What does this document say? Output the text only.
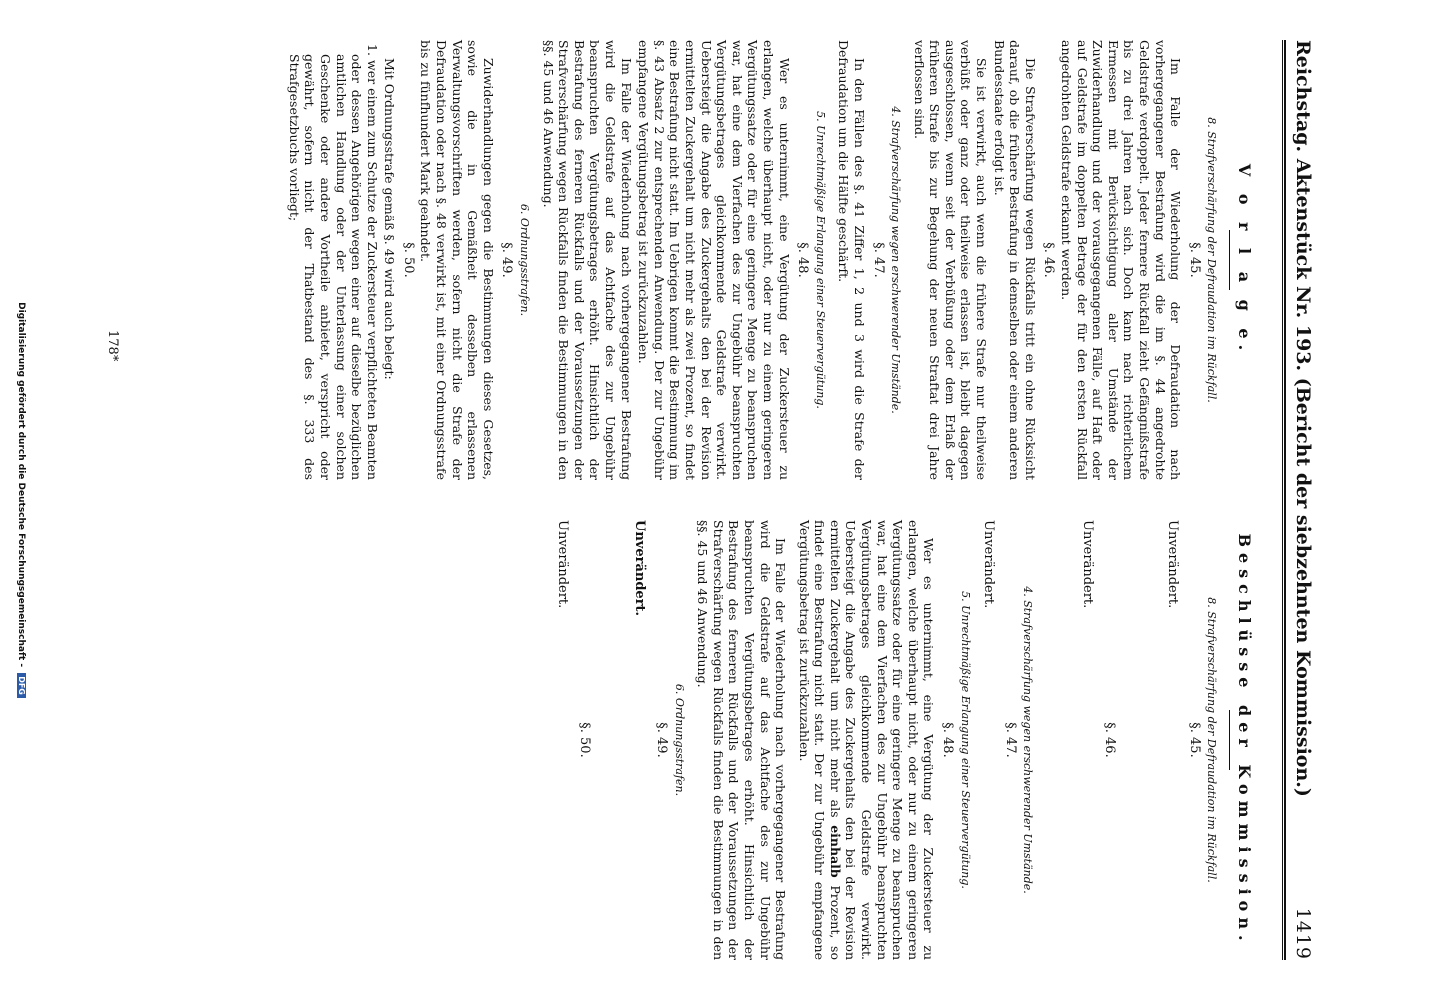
Reichstag. Aktenstück Nr. 193. (Bericht der siebzehnten Kommission.)
1419
V o r l a g e.
8. Strafverschärfung der Defraudation im Rückfall.
§. 45.

Im Falle der Wiederholung der Defraudation nach vorhergegangener Bestrafung wird die im §. 44 angedrohte Geldstrafe verdoppelt. Jeder fernere Rückfall zieht Gefängnißstrafe bis zu drei Jahren nach sich. Doch kann nach richterlichem Ermessen mit Berücksichtigung aller Umstände der Zuwiderhandlung und der vorausgegangenen Fälle, auf Haft oder auf Geldstrafe im doppelten Betrage der für den ersten Rückfall angedrohten Geldstrafe erkannt werden.

§. 46.

Die Strafverschärfung wegen Rückfalls tritt ein ohne Rücksicht darauf, ob die frühere Bestrafung in demselben oder einem anderen Bundesstaate erfolgt ist.

Sie ist verwirkt, auch wenn die frühere Strafe nur theilweise verbüßt oder ganz oder theilweise erlassen ist, bleibt dagegen ausgeschlossen, wenn seit der Verbüßung oder dem Erlaß der früheren Strafe bis zur Begehung der neuen Straftat drei Jahre verflossen sind.

4. Strafverschärfung wegen erschwerender Umstände.
§. 47.

In den Fällen des §. 41 Ziffer 1, 2 und 3 wird die Strafe der Defraudation um die Hälfte geschärft.

5. Unrechtmäßige Erlangung einer Steuervergütung.
§. 48.

Wer es unternimmt, eine Vergütung der Zuckersteuer zu erlangen, welche überhaupt nicht, oder nur zu einem geringeren Vergütungssatze oder für eine geringere Menge zu beanspruchen war, hat eine dem Vierfachen des zur Ungebühr beanspruchten Vergütungsbetrages gleichkommende Geldstrafe verwirkt. Uebersteigt die Angabe des Zuckergehalts den bei der Revision ermittelten Zuckergehalt um nicht mehr als zwei Prozent, so findet eine Bestrafung nicht statt. Im Uebrigen kommt die Bestimmung im §. 43 Absatz 2 zur entsprechenden Anwendung. Der zur Ungebühr empfangene Vergütungsbetrag ist zurückzuzahlen.

Im Falle der Wiederholung nach vorhergegangener Bestrafung wird die Geldstrafe auf das Achtfache des zur Ungebühr beanspruchten Vergütungsbetrages erhöht. Hinsichtlich der Bestrafung des ferneren Rückfalls und der Voraussetzungen der Strafverschärfung wegen Rückfalls finden die Bestimmungen in den §§. 45 und 46 Anwendung.

6. Ordnungsstrafen.
§. 49.

Zuwiderhandlungen gegen die Bestimmungen dieses Gesetzes, sowie die in Gemäßheit desselben erlassenen Verwaltungsvorschriften werden, sofern nicht die Strafe der Defraudation oder nach §. 48 verwirkt ist, mit einer Ordnungsstrafe bis zu fünfhundert Mark geahndet.

§. 50.

Mit Ordnungsstrafe gemäß §. 49 wird auch belegt:

1. wer einem zum Schutze der Zuckersteuer verpflichteten Beamten oder dessen Angehörigen wegen einer auf dieselbe bezüglichen amtlichen Handlung oder der Unterlassung einer solchen Geschenke oder andere Vortheile anbietet, verspricht oder gewährt, sofern nicht der Thatbestand des §. 333 des Strafgesetzbuchs vorliegt;

Beschlüsse der Kommission.
8. Strafverschärfung der Defraudation im Rückfall.
§. 45.
Unverändert.
§. 46.
Unverändert.
4. Strafverschärfung wegen erschwerender Umstände.
§. 47.
Unverändert.
5. Unrechtmäßige Erlangung einer Steuervergütung.
§. 48.

Wer es unternimmt, eine Vergütung der Zuckersteuer zu erlangen, welche überhaupt nicht, oder nur zu einem geringeren Vergütungssatze oder für eine geringere Menge zu beanspruchen war, hat eine dem Vierfachen des zur Ungebühr beanspruchten Vergütungsbetrages gleichkommende Geldstrafe verwirkt. Uebersteigt die Angabe des Zuckergehalts den bei der Revision ermittelten Zuckergehalt um nicht mehr als einhalb Prozent, so findet eine Bestrafung nicht statt. Der zur Ungebühr empfangene Vergütungsbetrag ist zurückzuzahlen.

Im Falle der Wiederholung nach vorhergegangener Bestrafung wird die Geldstrafe auf das Achtfache des zur Ungebühr beanspruchten Vergütungsbetrages erhöht. Hinsichtlich der Bestrafung des ferneren Rückfalls und der Voraussetzungen der Strafverschärfung wegen Rückfalls finden die Bestimmungen in den §§. 45 und 46 Anwendung.

6. Ordnungsstrafen.
§. 49.
Unverändert.
§. 50.
Unverändert.
178*
Digitalisierung gefördert durch die Deutsche Forschungsgemeinschaft - DFG
